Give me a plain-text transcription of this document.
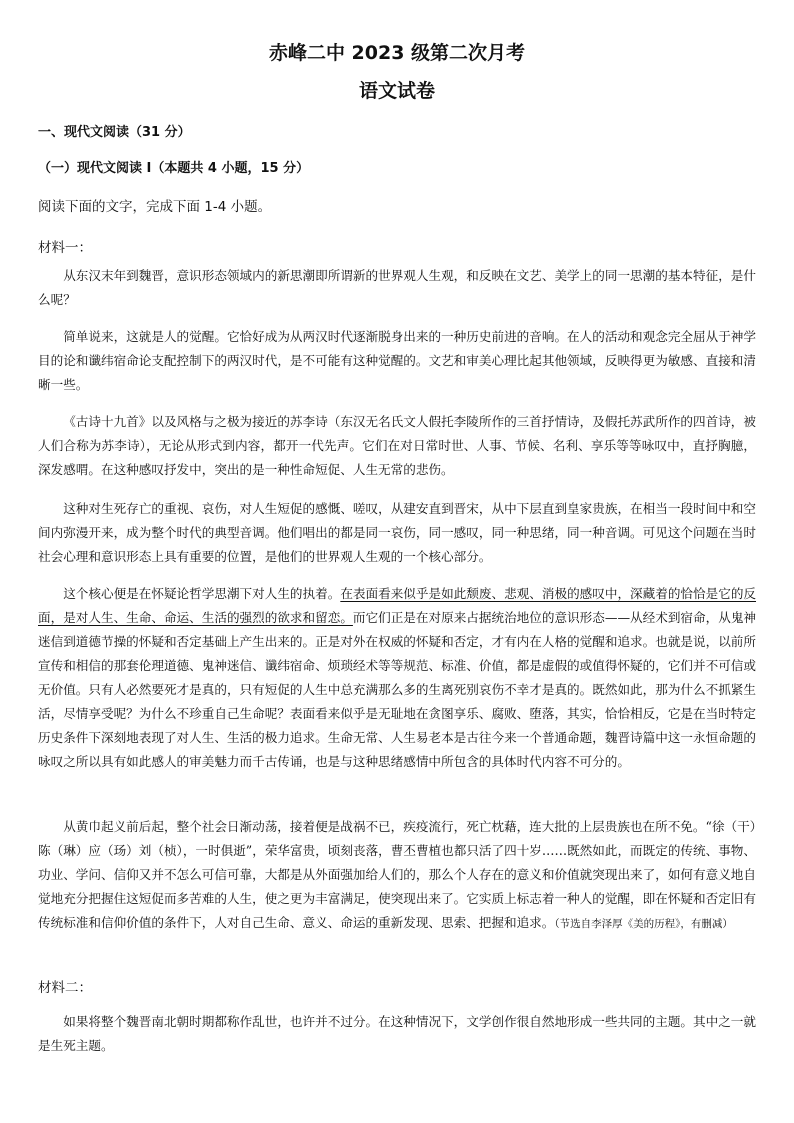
赤峰二中 2023 级第二次月考
语文试卷
一、现代文阅读（31 分）
（一）现代文阅读 I（本题共 4 小题，15 分）
阅读下面的文字，完成下面 1-4 小题。
材料一：

从东汉末年到魏晋，意识形态领域内的新思潮即所谓新的世界观人生观，和反映在文艺、美学上的同一思潮的基本特征，是什么呢？

简单说来，这就是人的觉醒。它恰好成为从两汉时代逐渐脱身出来的一种历史前进的音响。在人的活动和观念完全屈从于神学目的论和谶纬宿命论支配控制下的两汉时代，是不可能有这种觉醒的。文艺和审美心理比起其他领域，反映得更为敏感、直接和清晰一些。

《古诗十九首》以及风格与之极为接近的苏李诗（东汉无名氏文人假托李陵所作的三首抒情诗，及假托苏武所作的四首诗，被人们合称为苏李诗），无论从形式到内容，都开一代先声。它们在对日常时世、人事、节候、名利、享乐等等咏叹中，直抒胸臆，深发感喟。在这种感叹抒发中，突出的是一种性命短促、人生无常的悲伤。

这种对生死存亡的重视、哀伤，对人生短促的感慨、嗟叹，从建安直到晋宋，从中下层直到皇家贵族，在相当一段时间中和空间内弥漫开来，成为整个时代的典型音调。他们唱出的都是同一哀伤，同一感叹，同一种思绪，同一种音调。可见这个问题在当时社会心理和意识形态上具有重要的位置，是他们的世界观人生观的一个核心部分。

这个核心便是在怀疑论哲学思潮下对人生的执着。在表面看来似乎是如此颓废、悲观、消极的感叹中，深藏着的恰恰是它的反面，是对人生、生命、命运、生活的强烈的欲求和留恋。而它们正是在对原来占据统治地位的意识形态——从经术到宿命，从鬼神迷信到道德节操的怀疑和否定基础上产生出来的。正是对外在权威的怀疑和否定，才有内在人格的觉醒和追求。也就是说，以前所宣传和相信的那套伦理道德、鬼神迷信、谶纬宿命、烦琐经术等等规范、标准、价值，都是虚假的或值得怀疑的，它们并不可信或无价值。只有人必然要死才是真的，只有短促的人生中总充满那么多的生离死别哀伤不幸才是真的。既然如此，那为什么不抓紧生活，尽情享受呢？为什么不珍重自己生命呢？表面看来似乎是无耻地在贪图享乐、腐败、堕落，其实，恰恰相反，它是在当时特定历史条件下深刻地表现了对人生、生活的极力追求。生命无常、人生易老本是古往今来一个普通命题，魏晋诗篇中这一永恒命题的咏叹之所以具有如此感人的审美魅力而千古传诵，也是与这种思绪感情中所包含的具体时代内容不可分的。

从黄巾起义前后起，整个社会日渐动荡，接着便是战祸不已，疾疫流行，死亡枕藉，连大批的上层贵族也在所不免。“徐（干）陈（琳）应（玚）刘（桢），一时俱逝”，荣华富贵，顷刻丧落，曹丕曹植也都只活了四十岁……既然如此，而既定的传统、事物、功业、学问、信仰又并不怎么可信可靠，大都是从外面强加给人们的，那么个人存在的意义和价值就突现出来了，如何有意义地自觉地充分把握住这短促而多苦难的人生，使之更为丰富满足，使突现出来了。它实质上标志着一种人的觉醒，即在怀疑和否定旧有传统标准和信仰价值的条件下，人对自己生命、意义、命运的重新发现、思索、把握和追求。（节选自李泽厚《美的历程》，有删减）

材料二：

如果将整个魏晋南北朝时期都称作乱世，也许并不过分。在这种情况下，文学创作很自然地形成一些共同的主题。其中之一就是生死主题。
